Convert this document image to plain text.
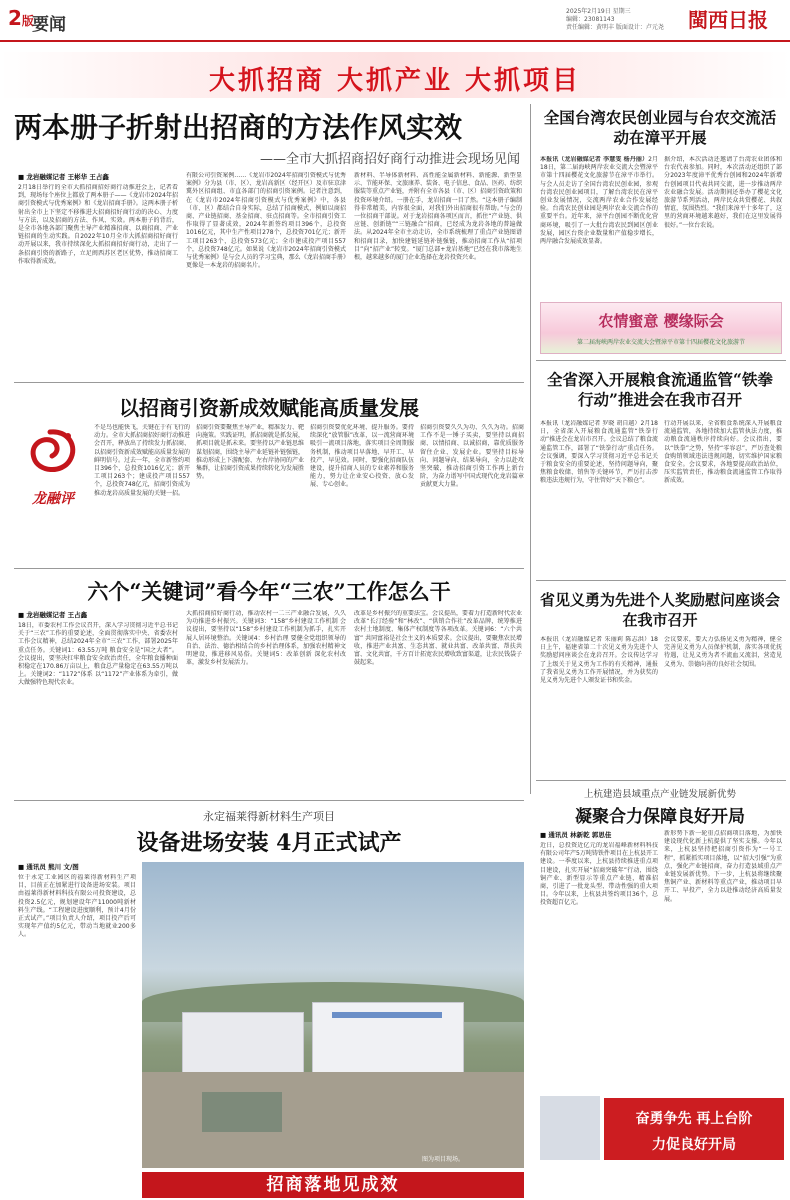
2版
要闻
2025年2月19日 星期三
编辑：23081143
责任编辑：黄明丰 版面设计：卢元尧	閩西日报
大抓招商 大抓产业 大抓项目
两本册子折射出招商的方法作风实效
——全市大抓招商招好商行动推进会现场见闻
■ 龙岩融媒记者 王彬华 王占鑫
2月18日举行的全市大抓招商招好商行动推进会上，记者看到，现场每个座位上都放了两本册子——《龙岩市2024年招商引资模式与优秀案例》和《龙岩招商手册》。这两本册子析射出全市上下坚定不移推进大招商招好商行动的决心、力度与方法，以及招商的方法、作风、实效。两本册子的背后，是全市各地各部门聚焦主导产业精准招商、以商招商、产业链招商的生动实践。自2022年10月全市大抓招商招好商行动开展以来，我市持续深化大抓招商招好商行动，走出了一条招商引资的新路子，立足闽西苏区老区优势，推动招商工作取得新成效。
有限公司引资案例……《龙岩市2024年招商引资模式与优秀案例》分为县（市、区）、龙岩高新区（经开区）及市驻京津冀外区招商组、市直各部门的招商引资案例。记者注意到，在《龙岩市2024年招商引资模式与优秀案例》中，各县（市、区）都结合自身实际，总结了招商模式，例如以商招商、产业链招商、基金招商、驻点招商等。全市招商引资工作取得了显著成效，2024年新签约项目396个，总投资1016亿元，其中生产性项目278个，总投资701亿元；新开工项目263个，总投资573亿元；全市建成投产项目557个，总投资748亿元。如果说《龙岩市2024年招商引资模式与优秀案例》是与会人员的学习宝典，那么《龙岩招商手册》更像是一本龙岩的招商名片。
新材料、半导体新材料、高性能金属新材料、新能源、新型显示、节能环保、文旅康养、装备、电子信息、食品、医药、纺织服装等重点产业链，并附有全市各县（市、区）招商引资政策和投资环境介绍。一册在手，龙岩招商一目了然。“这本册子编制得非常精美，内容很全面，对我们外出招商很有帮助。”与会的一位招商干部说。对于龙岩招商各项区而言，抓住“产业链、供应链、创新链”“三链融合”招商，已经成为龙岩各地的普遍做法。从2024年全市主动走访，全市系统梳理了重点产业链图谱和招商目录，加快建链延链补链强链，推动招商工作从“招项目”向“招产业”转变。“厦门总部+龙岩基地”已经在我市落地生根，越来越多的厦门企业选择在龙岩投资兴业。
全国台湾农民创业园与台农交流活动在漳平开展
本报讯（龙岩融媒记者 李慧雯 杨丹丽）2月18日，第二届海峡两岸农业交流大会暨漳平市第十四届樱花文化旅游节在漳平市举行。与会人员走访了全国台湾农民创业园，参观台湾农民创业园项目，了解台湾农民在漳平创业发展情况，交流两岸农业合作发展经验。台湾农民创业园是两岸农业交流合作的重要平台。近年来，漳平台创园不断优化营商环境，吸引了一大批台湾农民到园区创业发展，园区台资企业数量和产值稳步增长，两岸融合发展成效显著。
据介绍，本次活动还邀请了台湾农业团体和台农代表参加。同时，本次活动还组织了部分2023年度漳平优秀台创园和2024年新增台创园项目代表共同交流，进一步推动两岸农业融合发展。活动期间还举办了樱花文化旅游节系列活动，两岸民众共赏樱花、共叙情谊，氛围热烈。“我们来漳平十多年了，这里的营商环境越来越好，我们在这里发展得很好。”一位台农说。
农情蜜意 樱缘际会
第二届海峡两岸农业交流大会暨漳平市第十四届樱花文化旅游节
以招商引资新成效赋能高质量发展
龙融评
不是鸟也能快飞，关键在于有飞行的动力。全市大抓招商招好商行动推进会召开，释放出了持续发力抓招商、以招商引资新成效赋能高质量发展的鲜明信号。过去一年，全市新签约项目396个，总投资1016亿元；新开工项目263个；建成投产项目557个，总投资748亿元，招商引资成为推动龙岩高质量发展的关键一招。
招商引资要聚焦主导产业，精准发力、靶向施策。实践证明，抓招商就是抓发展，抓项目就是抓未来。要坚持以产业链思维谋划招商，围绕主导产业延链补链强链，推动形成上下游配套、左右岸协同的产业集群，让招商引资成果持续转化为发展胜势。
招商引资要优化环境、提升服务。要持续深化“放管服”改革，以一流营商环境吸引一流项目落地，落实项目全周期服务机制，推动项目早落地、早开工、早投产、早见效。同时，要强化招商队伍建设，提升招商人员的专业素养和服务能力，努力让企业安心投资、放心发展、专心创业。
招商引资要久久为功、久久为功。招商工作不是一锤子买卖，要坚持以商招商、以情招商、以诚招商，靠优质服务留住企业、发展企业。要坚持目标导向、问题导向、结果导向，全力以赴攻坚突破，推动招商引资工作再上新台阶，为奋力谱写中国式现代化龙岩篇章贡献更大力量。
全省深入开展粮食流通监管“铁拳行动”推进会在我市召开
本报讯（龙岩融媒记者 罗晓 胡自越）2月18日，全省深入开展粮食流通监管“铁拳行动”推进会在龙岩市召开。会议总结了粮食流通监管工作，部署了“铁拳行动”重点任务。会议强调，要深入学习贯彻习近平总书记关于粮食安全的重要论述，坚持问题导向，聚焦粮食收储、销售等关键环节，严厉打击涉粮违法违规行为，守住管好“天下粮仓”。
行动开展以来，全省粮食系统深入开展粮食流通监管，各地持续加大监管执法力度，推动粮食流通秩序持续向好。会议指出，要以“铁拳”之势，坚持“零容忍”，严厉查处粮食购销领域违法违规问题，切实维护国家粮食安全。会议要求，各地要提高政治站位，压实监管责任，推动粮食流通监管工作取得新成效。
省见义勇为先进个人奖励慰问座谈会在我市召开
本报讯（龙岩融媒记者 朱丽莉 陈志洪）18日上午，福建省第二十次见义勇为先进个人奖励慰问座谈会在龙岩召开。会议传达学习了上级关于见义勇为工作的有关精神，通报了我省见义勇为工作开展情况，并为获奖的见义勇为先进个人颁发证书和奖金。
会议要求，要大力弘扬见义勇为精神，健全完善见义勇为人员保护机制，落实各项优抚待遇，让见义勇为者不流血又流泪，营造见义勇为、崇德向善的良好社会氛围。
六个“关键词”看今年“三农”工作怎么干
■ 龙岩融媒记者 王占鑫
18日，市委农村工作会议召开，深入学习贯彻习近平总书记关于“三农”工作的重要论述，全面贯彻落实中央、省委农村工作会议精神，总结2024年全市“三农”工作，部署2025年重点任务。关键词1：63.55万吨 粮食安全是“国之大者”。会议提出，要坚决扛牢粮食安全政治责任，全年粮食播种面积稳定在170.86万亩以上，粮食总产量稳定在63.55万吨以上。关键词2：“1172”体系 以“1172”产业体系为牵引，做大做强特色现代农业。
大抓招商招好商行动，推动农村一二三产业融合发展，久久为功推进乡村振兴。关键词3：“158”乡村建设工作机制 会议提出，要坚持以“158”乡村建设工作机制为抓手，扎实开展人居环境整治。关键词4：乡村治理 要健全党组织领导的自治、法治、德治相结合的乡村治理体系，加强农村精神文明建设，推进移风易俗。关键词5：改革创新 深化农村改革，激发乡村发展活力。
改革是乡村振兴的重要法宝。会议提出，要着力打造新时代农业改革“长汀经验”和“林改”、“供销合作社”改革品牌，统筹推进农村土地制度、集体产权制度等各项改革。关键词6：“六个共富” 共同富裕是社会主义的本质要求。会议提出，要聚焦农民增收，推进产业共富、生态共富、就业共富、改革共富、帮扶共富、文化共富，千方百计拓宽农民增收致富渠道，让农民钱袋子鼓起来。
永定福莱得新材料生产项目
设备进场安装 4月正式试产
■ 通讯员 熊川 文/图
位于永定工业园区的福莱得新材料生产项目，目前正在加紧进行设备进场安装。项目由福莱得新材料科技有限公司投资建设，总投资2.5亿元，规划建设年产11000吨新材料生产线。“工程建设进度顺利，预计4月份正式试产。”项目负责人介绍，项目投产后可实现年产值约5亿元，带动当地就业200多人。
图为项目现场。
招商落地见成效
上杭建造县域重点产业链发展新优势
凝聚合力保障良好开局
■ 通讯员 林新乾 郭思佳
近日，总投资近亿元的龙岩福峰新材料科技有限公司年产5万吨铸铁件项目在上杭县开工建设。一季度以来，上杭县持续推进重点项目建设，扎实开展“招商突破年”行动，围绕铜产业、新型显示等重点产业链，精准招商，引进了一批龙头型、带动性强的重大项目。今年以来，上杭县共签约项目36个，总投资超百亿元。
新形势下新一轮重点招商项目落地，为加快建设现代化新上杭提供了坚实支撑。今年以来，上杭县坚持把招商引资作为“一号工程”，抓紧抓实项目落地，以“招大引强”为重点，强化产业链招商，奋力打造县域重点产业链发展新优势。下一步，上杭县将继续聚焦铜产业、新材料等重点产业，推动项目早开工、早投产，全力以赴推动经济高质量发展。
奋勇争先 再上台阶
力促良好开局
